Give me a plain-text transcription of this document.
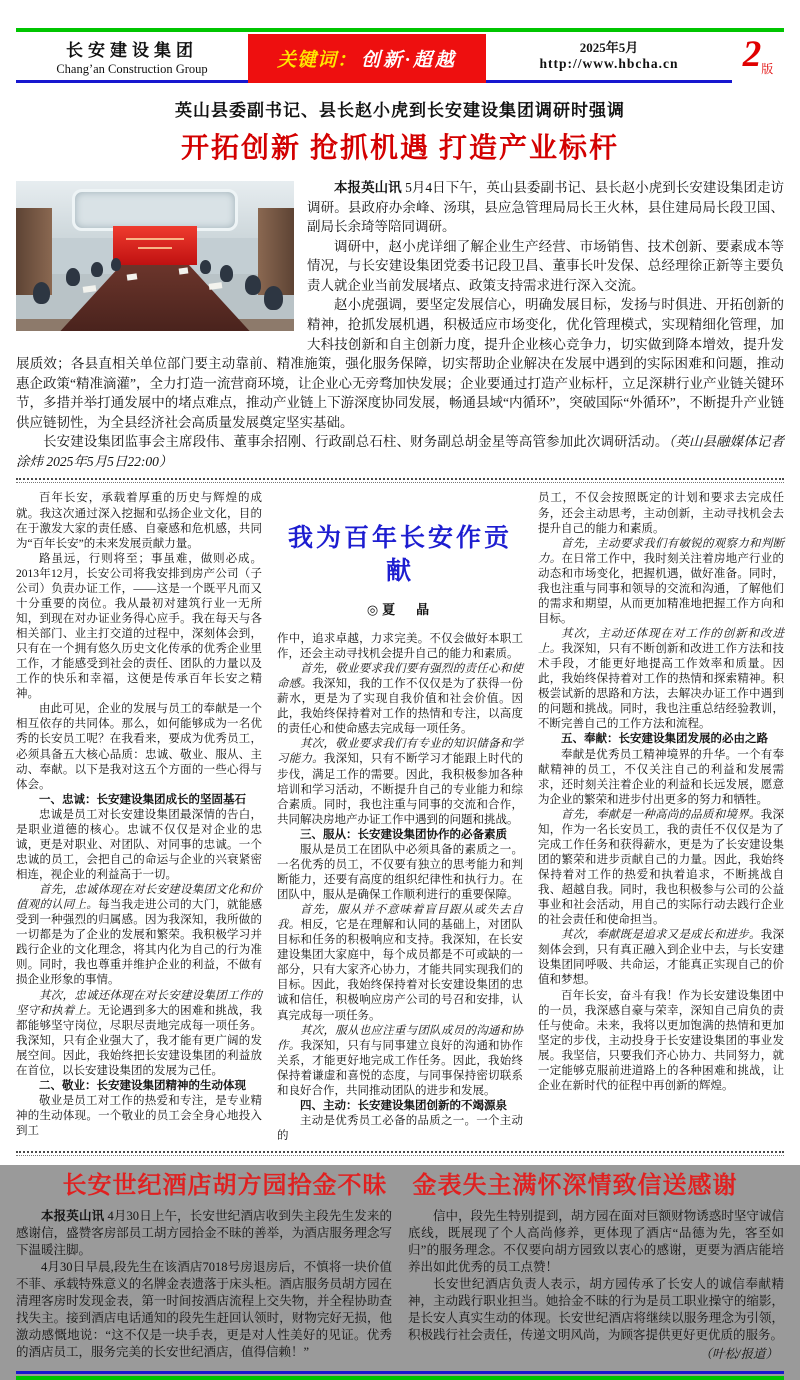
长安建设集团
Chang’an Construction Group	关键词： 创新·超越
2025年5月
http://www.hbcha.cn	2 版
英山县委副书记、县长赵小虎到长安建设集团调研时强调
开拓创新 抢抓机遇 打造产业标杆

本报英山讯 5月4日下午，英山县委副书记、县长赵小虎到长安建设集团走访调研。县政府办余峰、汤琪，县应急管理局局长王火林，县住建局局长段卫国、副局长余琦等陪同调研。

调研中，赵小虎详细了解企业生产经营、市场销售、技术创新、要素成本等情况，与长安建设集团党委书记段卫昌、董事长叶发保、总经理徐正新等主要负责人就企业当前发展堵点、政策支持需求进行深入交流。

赵小虎强调，要坚定发展信心，明确发展目标，发扬与时俱进、开拓创新的精神，抢抓发展机遇，积极适应市场变化，优化管理模式，实现精细化管理，加大科技创新和自主创新力度，提升企业核心竞争力，切实做到降本增效，提升发展质效；各县直相关单位部门要主动靠前、精准施策，强化服务保障，切实帮助企业解决在发展中遇到的实际困难和问题，推动惠企政策“精准滴灌”，全力打造一流营商环境，让企业心无旁骛加快发展；企业要通过打造产业标杆，立足深耕行业产业链关键环节，多措并举打通发展中的堵点难点，推动产业链上下游深度协同发展，畅通县域“内循环”，突破国际“外循环”，不断提升产业链供应链韧性，为全县经济社会高质量发展奠定坚实基础。

长安建设集团监事会主席段伟、董事余招刚、行政副总石柱、财务副总胡金星等高管参加此次调研活动。（英山县融媒体记者 涂炜 2025年5月5日22:00）

百年长安，承载着厚重的历史与辉煌的成就。我这次通过深入挖掘和弘扬企业文化，目的在于激发大家的责任感、自豪感和危机感，共同为“百年长安”的未来发展贡献力量。

路虽远，行则将至；事虽难，做则必成。2013年12月，长安公司将我安排到房产公司（子公司）负责办证工作，——这是一个既平凡而又十分重要的岗位。我从最初对建筑行业一无所知，到现在对办证业务得心应手。我在每天与各相关部门、业主打交道的过程中，深刻体会到，只有在一个拥有悠久历史文化传承的优秀企业里工作，才能感受到社会的责任、团队的力量以及工作的快乐和幸福，这便是传承百年长安之精神。

由此可见，企业的发展与员工的奉献是一个相互依存的共同体。那么，如何能够成为一名优秀的长安员工呢？在我看来，要成为优秀员工，必须具备五大核心品质：忠诚、敬业、服从、主动、奉献。以下是我对这五个方面的一些心得与体会。

一、忠诚：长安建设集团成长的坚固基石

忠诚是员工对长安建设集团最深情的告白，是职业道德的核心。忠诚不仅仅是对企业的忠诚，更是对职业、对团队、对同事的忠诚。一个忠诚的员工，会把自己的命运与企业的兴衰紧密相连，视企业的利益高于一切。

首先，忠诚体现在对长安建设集团文化和价值观的认同上。每当我走进公司的大门，就能感受到一种强烈的归属感。因为我深知，我所做的一切都是为了企业的发展和繁荣。我积极学习并践行企业的文化理念，将其内化为自己的行为准则。同时，我也尊重并维护企业的利益，不做有损企业形象的事情。

其次，忠诚还体现在对长安建设集团工作的坚守和执着上。无论遇到多大的困难和挑战，我都能够坚守岗位，尽职尽责地完成每一项任务。我深知，只有企业强大了，我才能有更广阔的发展空间。因此，我始终把长安建设集团的利益放在首位，以长安建设集团的发展为己任。

二、敬业：长安建设集团精神的生动体现

敬业是员工对工作的热爱和专注，是专业精神的生动体现。一个敬业的员工会全身心地投入到工

我为百年长安作贡献
◎夏　晶

作中，追求卓越，力求完美。不仅会做好本职工作，还会主动寻找机会提升自己的能力和素质。

首先，敬业要求我们要有强烈的责任心和使命感。我深知，我的工作不仅仅是为了获得一份薪水，更是为了实现自我价值和社会价值。因此，我始终保持着对工作的热情和专注，以高度的责任心和使命感去完成每一项任务。

其次，敬业要求我们有专业的知识储备和学习能力。我深知，只有不断学习才能跟上时代的步伐，满足工作的需要。因此，我积极参加各种培训和学习活动，不断提升自己的专业能力和综合素质。同时，我也注重与同事的交流和合作，共同解决房地产办证工作中遇到的问题和挑战。

三、服从：长安建设集团协作的必备素质

服从是员工在团队中必须具备的素质之一。一名优秀的员工，不仅要有独立的思考能力和判断能力，还要有高度的组织纪律性和执行力。在团队中，服从是确保工作顺利进行的重要保障。

首先，服从并不意味着盲目跟从或失去自我。相反，它是在理解和认同的基础上，对团队目标和任务的积极响应和支持。我深知，在长安建设集团大家庭中，每个成员都是不可或缺的一部分，只有大家齐心协力，才能共同实现我们的目标。因此，我始终保持着对长安建设集团的忠诚和信任，积极响应房产公司的号召和安排，认真完成每一项任务。

其次，服从也应注重与团队成员的沟通和协作。我深知，只有与同事建立良好的沟通和协作关系，才能更好地完成工作任务。因此，我始终保持着谦虚和喜悦的态度，与同事保持密切联系和良好合作，共同推动团队的进步和发展。

四、主动：长安建设集团创新的不竭源泉

主动是优秀员工必备的品质之一。一个主动的

员工，不仅会按照既定的计划和要求去完成任务，还会主动思考，主动创新，主动寻找机会去提升自己的能力和素质。

首先，主动要求我们有敏锐的观察力和判断力。在日常工作中，我时刻关注着房地产行业的动态和市场变化，把握机遇，做好准备。同时，我也注重与同事和领导的交流和沟通，了解他们的需求和期望，从而更加精准地把握工作方向和目标。

其次，主动还体现在对工作的创新和改进上。我深知，只有不断创新和改进工作方法和技术手段，才能更好地提高工作效率和质量。因此，我始终保持着对工作的热情和探索精神。积极尝试新的思路和方法，去解决办证工作中遇到的问题和挑战。同时，我也注重总结经验教训，不断完善自己的工作方法和流程。

五、奉献：长安建设集团发展的必由之路

奉献是优秀员工精神境界的升华。一个有奉献精神的员工，不仅关注自己的利益和发展需求，还时刻关注着企业的利益和长远发展，愿意为企业的繁荣和进步付出更多的努力和牺牲。

首先，奉献是一种高尚的品质和境界。我深知，作为一名长安员工，我的责任不仅仅是为了完成工作任务和获得薪水，更是为了长安建设集团的繁荣和进步贡献自己的力量。因此，我始终保持着对工作的热爱和执着追求，不断挑战自我、超越自我。同时，我也积极参与公司的公益事业和社会活动，用自己的实际行动去践行企业的社会责任和使命担当。

其次，奉献既是追求又是成长和进步。我深刻体会到，只有真正融入到企业中去，与长安建设集团同呼吸、共命运，才能真正实现自己的价值和梦想。

百年长安，奋斗有我！作为长安建设集团中的一员，我深感自豪与荣幸，深知自己肩负的责任与使命。未来，我将以更加饱满的热情和更加坚定的步伐，主动投身于长安建设集团的事业发展。我坚信，只要我们齐心协力、共同努力，就一定能够克服前进道路上的各种困难和挑战，让企业在新时代的征程中再创新的辉煌。

长安世纪酒店胡方园拾金不昧　金表失主满怀深情致信送感谢

本报英山讯 4月30日上午，长安世纪酒店收到失主段先生发来的感谢信，盛赞客房部员工胡方园拾金不昧的善举，为酒店服务理念写下温暖注脚。

4月30日早晨,段先生在该酒店7018号房退房后，不慎将一块价值不菲、承载特殊意义的名牌金表遗落于床头柜。酒店服务员胡方园在清理客房时发现金表，第一时间按酒店流程上交失物，并全程协助查找失主。接到酒店电话通知的段先生赶回认领时，财物完好无损，他激动感慨地说：“这不仅是一块手表，更是对人性美好的见证。优秀的酒店员工，服务完美的长安世纪酒店，值得信赖！”

信中，段先生特别提到，胡方园在面对巨额财物诱惑时坚守诚信底线，既展现了个人高尚修养，更体现了酒店“品德为先，客至如归”的服务理念。不仅要向胡方园致以衷心的感谢，更要为酒店能培养出如此优秀的员工点赞！

长安世纪酒店负责人表示，胡方园传承了长安人的诚信奉献精神，主动践行职业担当。她拾金不昧的行为是员工职业操守的缩影，是长安人真实生动的体现。长安世纪酒店将继续以服务理念为引领，积极践行社会责任，传递文明风尚，为顾客提供更好更优质的服务。

（叶松/报道）
